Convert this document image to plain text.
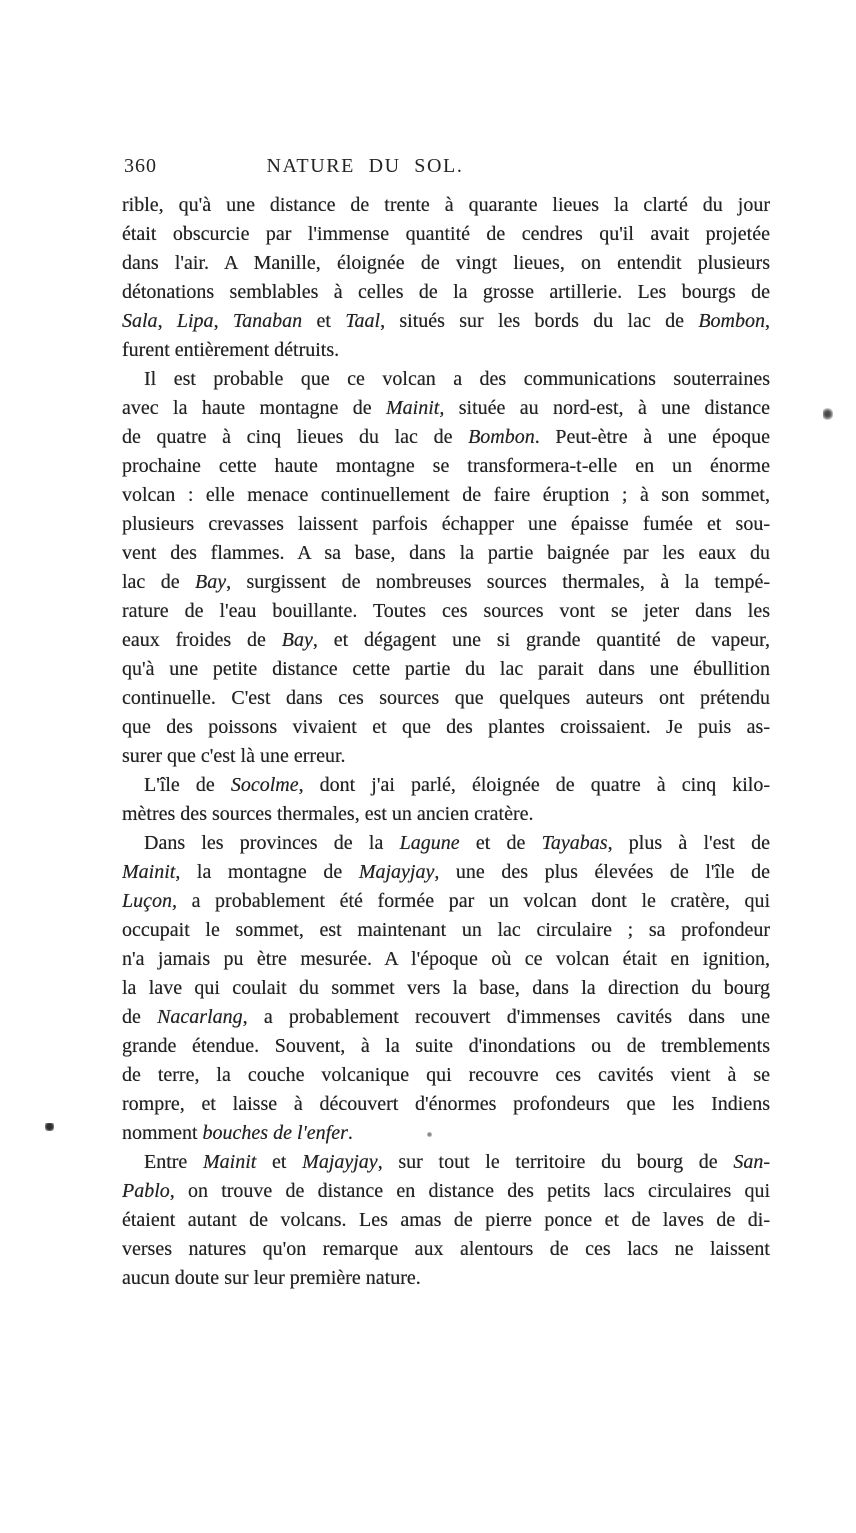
360	NATURE DU SOL.
rible, qu'à une distance de trente à quarante lieues la clarté du jour
était obscurcie par l'immense quantité de cendres qu'il avait projetée
dans l'air. A Manille, éloignée de vingt lieues, on entendit plusieurs
détonations semblables à celles de la grosse artillerie. Les bourgs de
Sala, Lipa, Tanaban et Taal, situés sur les bords du lac de Bombon,
furent entièrement détruits.
Il est probable que ce volcan a des communications souterraines
avec la haute montagne de Mainit, située au nord-est, à une distance
de quatre à cinq lieues du lac de Bombon. Peut-ètre à une époque
prochaine cette haute montagne se transformera-t-elle en un énorme
volcan : elle menace continuellement de faire éruption ; à son sommet,
plusieurs crevasses laissent parfois échapper une épaisse fumée et sou-
vent des flammes. A sa base, dans la partie baignée par les eaux du
lac de Bay, surgissent de nombreuses sources thermales, à la tempé-
rature de l'eau bouillante. Toutes ces sources vont se jeter dans les
eaux froides de Bay, et dégagent une si grande quantité de vapeur,
qu'à une petite distance cette partie du lac parait dans une ébullition
continuelle. C'est dans ces sources que quelques auteurs ont prétendu
que des poissons vivaient et que des plantes croissaient. Je puis as-
surer que c'est là une erreur.
L'île de Socolme, dont j'ai parlé, éloignée de quatre à cinq kilo-
mètres des sources thermales, est un ancien cratère.
Dans les provinces de la Lagune et de Tayabas, plus à l'est de
Mainit, la montagne de Majayjay, une des plus élevées de l'île de
Luçon, a probablement été formée par un volcan dont le cratère, qui
occupait le sommet, est maintenant un lac circulaire ; sa profondeur
n'a jamais pu ètre mesurée. A l'époque où ce volcan était en ignition,
la lave qui coulait du sommet vers la base, dans la direction du bourg
de Nacarlang, a probablement recouvert d'immenses cavités dans une
grande étendue. Souvent, à la suite d'inondations ou de tremblements
de terre, la couche volcanique qui recouvre ces cavités vient à se
rompre, et laisse à découvert d'énormes profondeurs que les Indiens
nomment bouches de l'enfer.
Entre Mainit et Majayjay, sur tout le territoire du bourg de San-
Pablo, on trouve de distance en distance des petits lacs circulaires qui
étaient autant de volcans. Les amas de pierre ponce et de laves de di-
verses natures qu'on remarque aux alentours de ces lacs ne laissent
aucun doute sur leur première nature.
